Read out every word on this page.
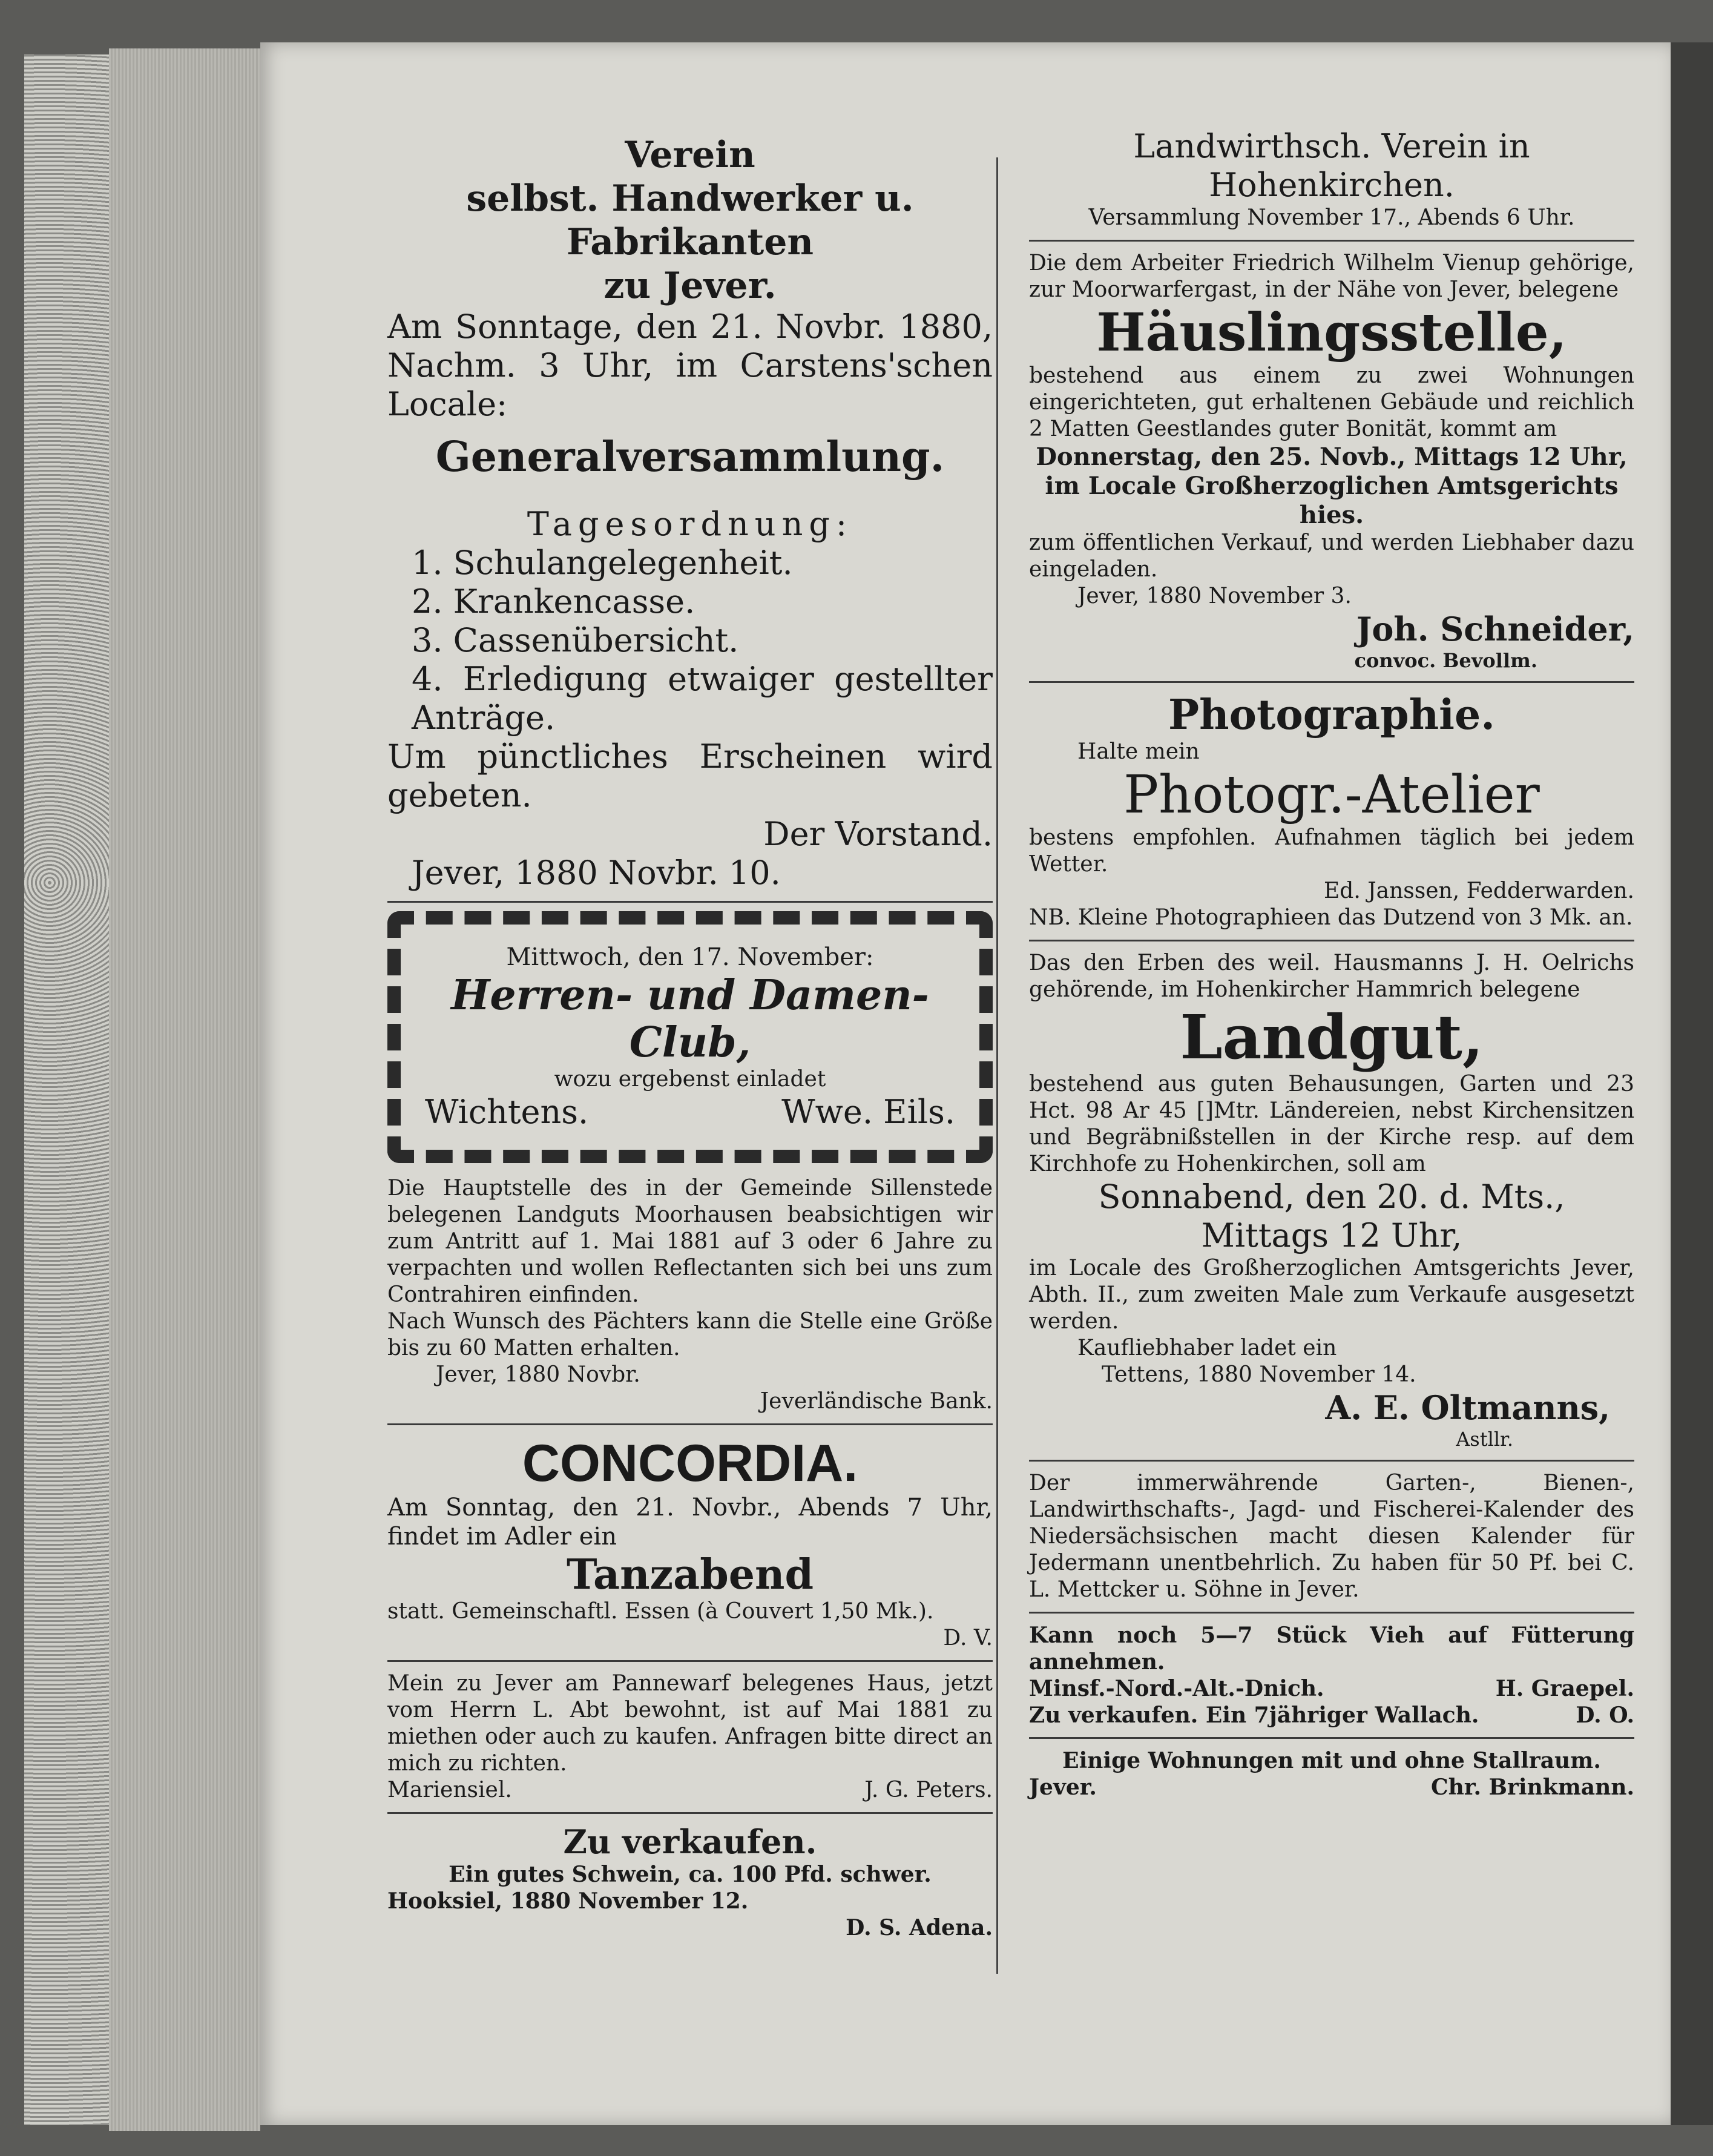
Verein
selbst. Handwerker u. Fabrikanten
zu Jever.
Am Sonntage, den 21. Novbr. 1880, Nachm. 3 Uhr, im Carstens'schen Locale:
Generalversammlung.
Tagesordnung:
1. Schulangelegenheit.
2. Krankencasse.
3. Cassenübersicht.
4. Erledigung etwaiger gestellter Anträge.
Um pünctliches Erscheinen wird gebeten.
Der Vorstand.
Jever, 1880 Novbr. 10.
Mittwoch, den 17. November:
Herren- und Damen-Club,
wozu ergebenst einladet
Wichtens.	Wwe. Eils.
Die Hauptstelle des in der Gemeinde Sillenstede belegenen Landguts Moorhausen beabsichtigen wir zum Antritt auf 1. Mai 1881 auf 3 oder 6 Jahre zu verpachten und wollen Reflectanten sich bei uns zum Contrahiren einfinden.
Nach Wunsch des Pächters kann die Stelle eine Größe bis zu 60 Matten erhalten.
Jever, 1880 Novbr.
Jeverländische Bank.
CONCORDIA.
Am Sonntag, den 21. Novbr., Abends 7 Uhr, findet im Adler ein
Tanzabend
statt. Gemeinschaftl. Essen (à Couvert 1,50 Mk.).
D. V.
Mein zu Jever am Pannewarf belegenes Haus, jetzt vom Herrn L. Abt bewohnt, ist auf Mai 1881 zu miethen oder auch zu kaufen. Anfragen bitte direct an mich zu richten.
Mariensiel.	J. G. Peters.
Zu verkaufen.
Ein gutes Schwein, ca. 100 Pfd. schwer.
Hooksiel, 1880 November 12.
D. S. Adena.
Landwirthsch. Verein in Hohenkirchen.
Versammlung November 17., Abends 6 Uhr.
Die dem Arbeiter Friedrich Wilhelm Vienup gehörige, zur Moorwarfergast, in der Nähe von Jever, belegene
Häuslingsstelle,
bestehend aus einem zu zwei Wohnungen eingerichteten, gut erhaltenen Gebäude und reichlich 2 Matten Geestlandes guter Bonität, kommt am
Donnerstag, den 25. Novb., Mittags 12 Uhr, im Locale Großherzoglichen Amtsgerichts hies.
zum öffentlichen Verkauf, und werden Liebhaber dazu eingeladen.
Jever, 1880 November 3.
Joh. Schneider,
convoc. Bevollm.
Photographie.
Halte mein
Photogr.-Atelier
bestens empfohlen. Aufnahmen täglich bei jedem Wetter.
Ed. Janssen, Fedderwarden.
NB. Kleine Photographieen das Dutzend von 3 Mk. an.
Das den Erben des weil. Hausmanns J. H. Oelrichs gehörende, im Hohenkircher Hammrich belegene
Landgut,
bestehend aus guten Behausungen, Garten und 23 Hct. 98 Ar 45 []Mtr. Ländereien, nebst Kirchensitzen und Begräbnißstellen in der Kirche resp. auf dem Kirchhofe zu Hohenkirchen, soll am
Sonnabend, den 20. d. Mts.,
Mittags 12 Uhr,
im Locale des Großherzoglichen Amtsgerichts Jever, Abth. II., zum zweiten Male zum Verkaufe ausgesetzt werden.
Kaufliebhaber ladet ein
Tettens, 1880 November 14.
A. E. Oltmanns,
Astllr.
Der immerwährende Garten-, Bienen-, Landwirthschafts-, Jagd- und Fischerei-Kalender des Niedersächsischen macht diesen Kalender für Jedermann unentbehrlich. Zu haben für 50 Pf. bei C. L. Mettcker u. Söhne in Jever.
Kann noch 5—7 Stück Vieh auf Fütterung annehmen.
Minsf.-Nord.-Alt.-Dnich.	H. Graepel.
Zu verkaufen. Ein 7jähriger Wallach.	D. O.
Einige Wohnungen mit und ohne Stallraum.
Jever.	Chr. Brinkmann.
